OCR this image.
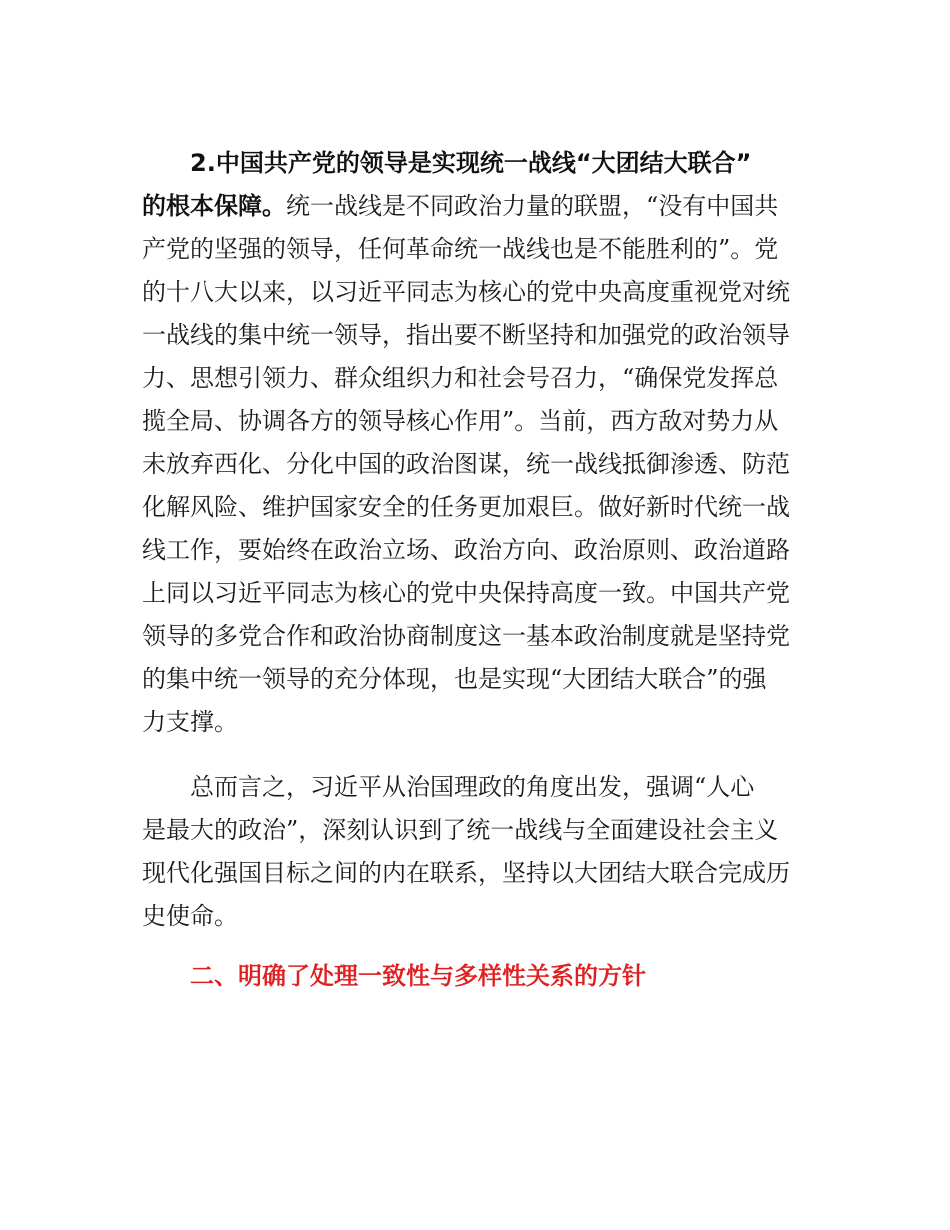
2.中国共产党的领导是实现统一战线“大团结大联合”
的根本保障。统一战线是不同政治力量的联盟，“没有中国共
产党的坚强的领导，任何革命统一战线也是不能胜利的”。党
的十八大以来，以习近平同志为核心的党中央高度重视党对统
一战线的集中统一领导，指出要不断坚持和加强党的政治领导
力、思想引领力、群众组织力和社会号召力，“确保党发挥总
揽全局、协调各方的领导核心作用”。当前，西方敌对势力从
未放弃西化、分化中国的政治图谋，统一战线抵御渗透、防范
化解风险、维护国家安全的任务更加艰巨。做好新时代统一战
线工作，要始终在政治立场、政治方向、政治原则、政治道路
上同以习近平同志为核心的党中央保持高度一致。中国共产党
领导的多党合作和政治协商制度这一基本政治制度就是坚持党
的集中统一领导的充分体现，也是实现“大团结大联合”的强
力支撑。
总而言之，习近平从治国理政的角度出发，强调“人心
是最大的政治”，深刻认识到了统一战线与全面建设社会主义
现代化强国目标之间的内在联系，坚持以大团结大联合完成历
史使命。
二、明确了处理一致性与多样性关系的方针
